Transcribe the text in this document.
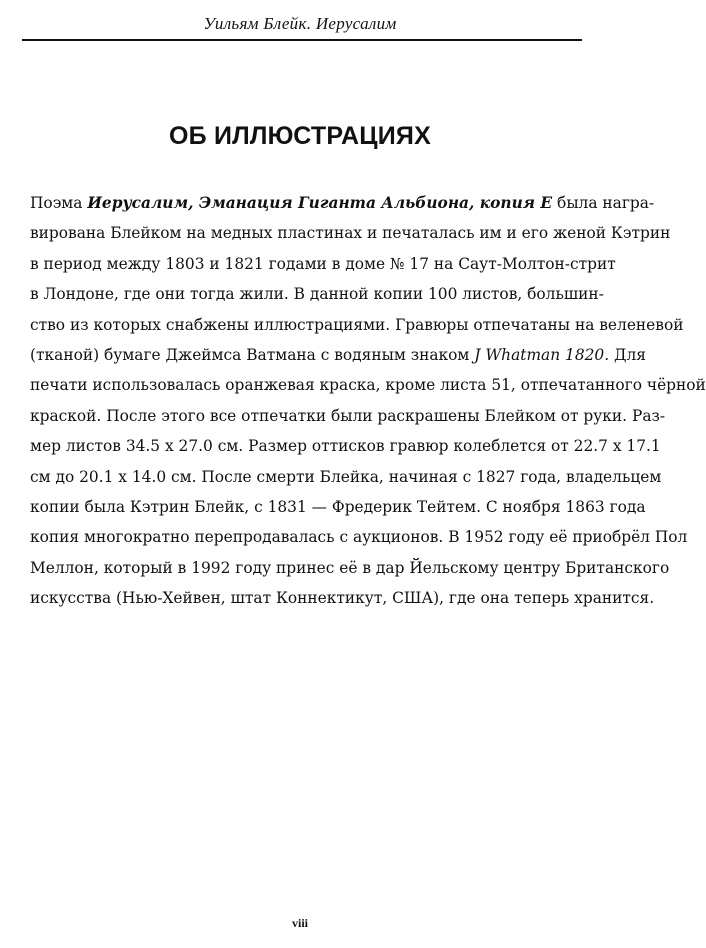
Уильям Блейк. Иерусалим
ОБ ИЛЛЮСТРАЦИЯХ
Поэма Иерусалим, Эманация Гиганта Альбиона, копия Е была награ-
вирована Блейком на медных пластинах и печаталась им и его женой Кэтрин
в период между 1803 и 1821 годами в доме № 17 на Саут-Молтон-стрит
в Лондоне, где они тогда жили. В данной копии 100 листов, большин-
ство из которых снабжены иллюстрациями. Гравюры отпечатаны на веленевой
(тканой) бумаге Джеймса Ватмана с водяным знаком J Whatman 1820. Для
печати использовалась оранжевая краска, кроме листа 51, отпечатанного чёрной
краской. После этого все отпечатки были раскрашены Блейком от руки. Раз-
мер листов 34.5 х 27.0 см. Размер оттисков гравюр колеблется от 22.7 х 17.1
см до 20.1 х 14.0 см. После смерти Блейка, начиная с 1827 года, владельцем
копии была Кэтрин Блейк, с 1831 — Фредерик Тейтем. С ноября 1863 года
копия многократно перепродавалась с аукционов. В 1952 году её приобрёл Пол
Меллон, который в 1992 году принес её в дар Йельскому центру Британского
искусства (Нью-Хейвен, штат Коннектикут, США), где она теперь хранится.
viii
